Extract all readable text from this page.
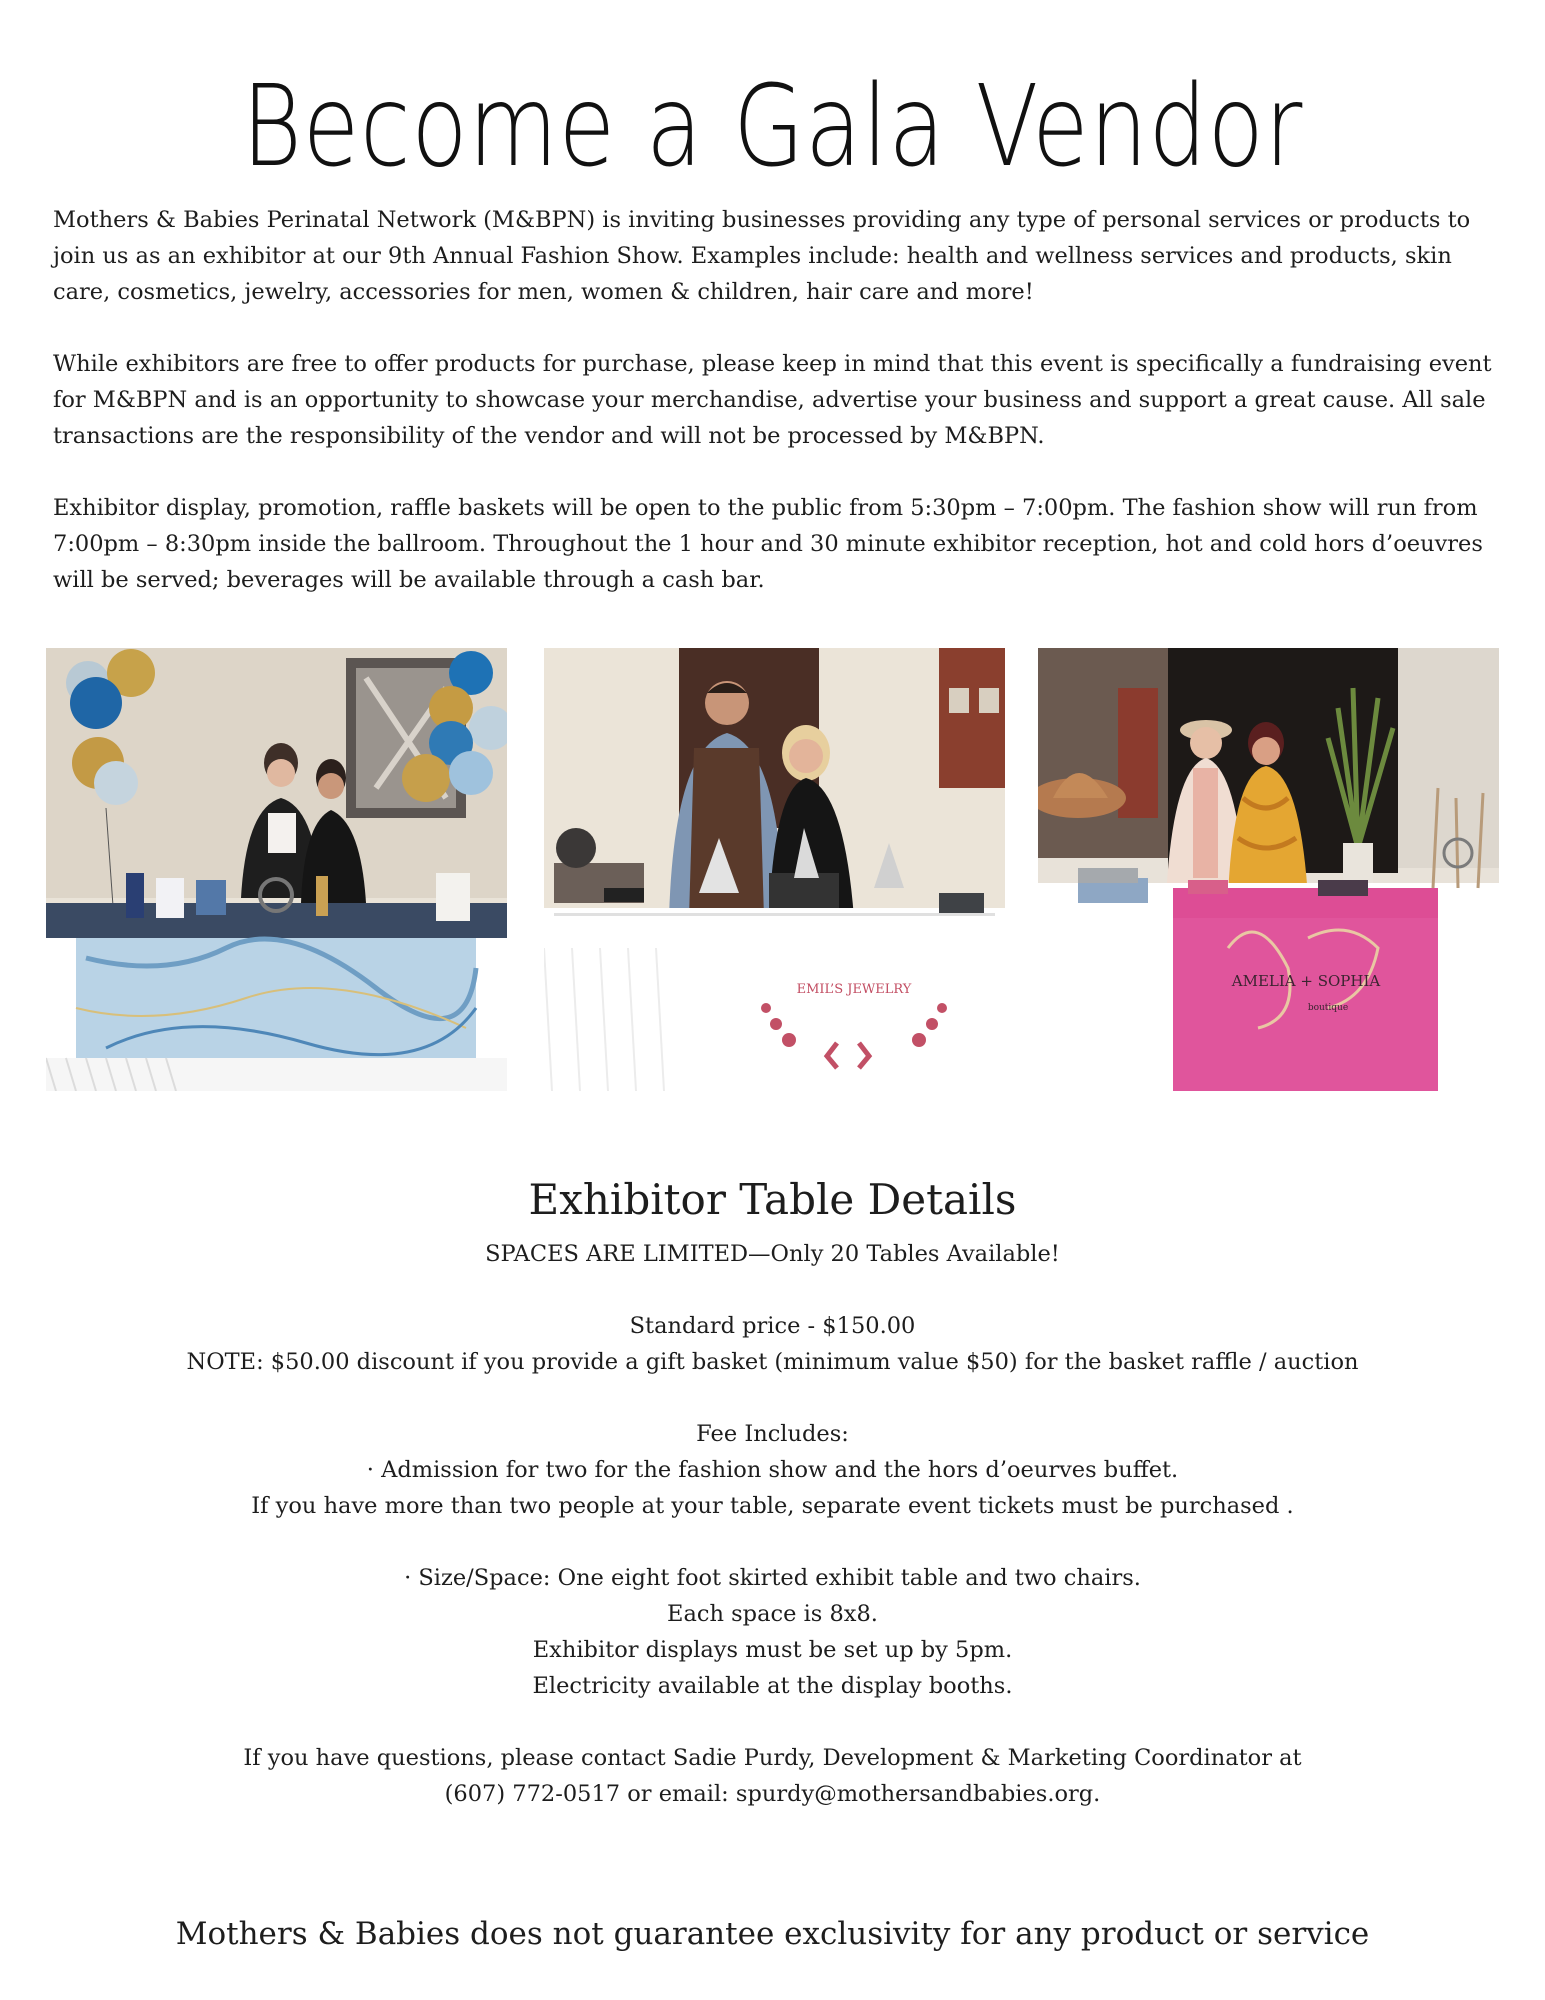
Become a Gala Vendor

Mothers & Babies Perinatal Network (M&BPN) is inviting businesses providing any type of personal services or products to join us as an exhibitor at our 9th Annual Fashion Show. Examples include: health and wellness services and products, skin care, cosmetics, jewelry, accessories for men, women & children, hair care and more!

While exhibitors are free to offer products for purchase, please keep in mind that this event is specifically a fundraising event for M&BPN and is an opportunity to showcase your merchandise, advertise your business and support a great cause. All sale transactions are the responsibility of the vendor and will not be processed by M&BPN.

Exhibitor display, promotion, raffle baskets will be open to the public from 5:30pm – 7:00pm. The fashion show will run from 7:00pm – 8:30pm inside the ballroom. Throughout the 1 hour and 30 minute exhibitor reception, hot and cold hors d’oeuvres will be served; beverages will be available through a cash bar.

EMIL’S JEWELRY	AMELIA + SOPHIA
boutique
Exhibitor Table Details

SPACES ARE LIMITED—Only 20 Tables Available!

Standard price - $150.00

NOTE: $50.00 discount if you provide a gift basket (minimum value $50) for the basket raffle / auction

Fee Includes:

· Admission for two for the fashion show and the hors d’oeurves buffet.

If you have more than two people at your table, separate event tickets must be purchased .

· Size/Space: One eight foot skirted exhibit table and two chairs.

Each space is 8x8.

Exhibitor displays must be set up by 5pm.

Electricity available at the display booths.

If you have questions, please contact Sadie Purdy, Development & Marketing Coordinator at

(607) 772-0517 or email: spurdy@mothersandbabies.org.

Mothers & Babies does not guarantee exclusivity for any product or service
